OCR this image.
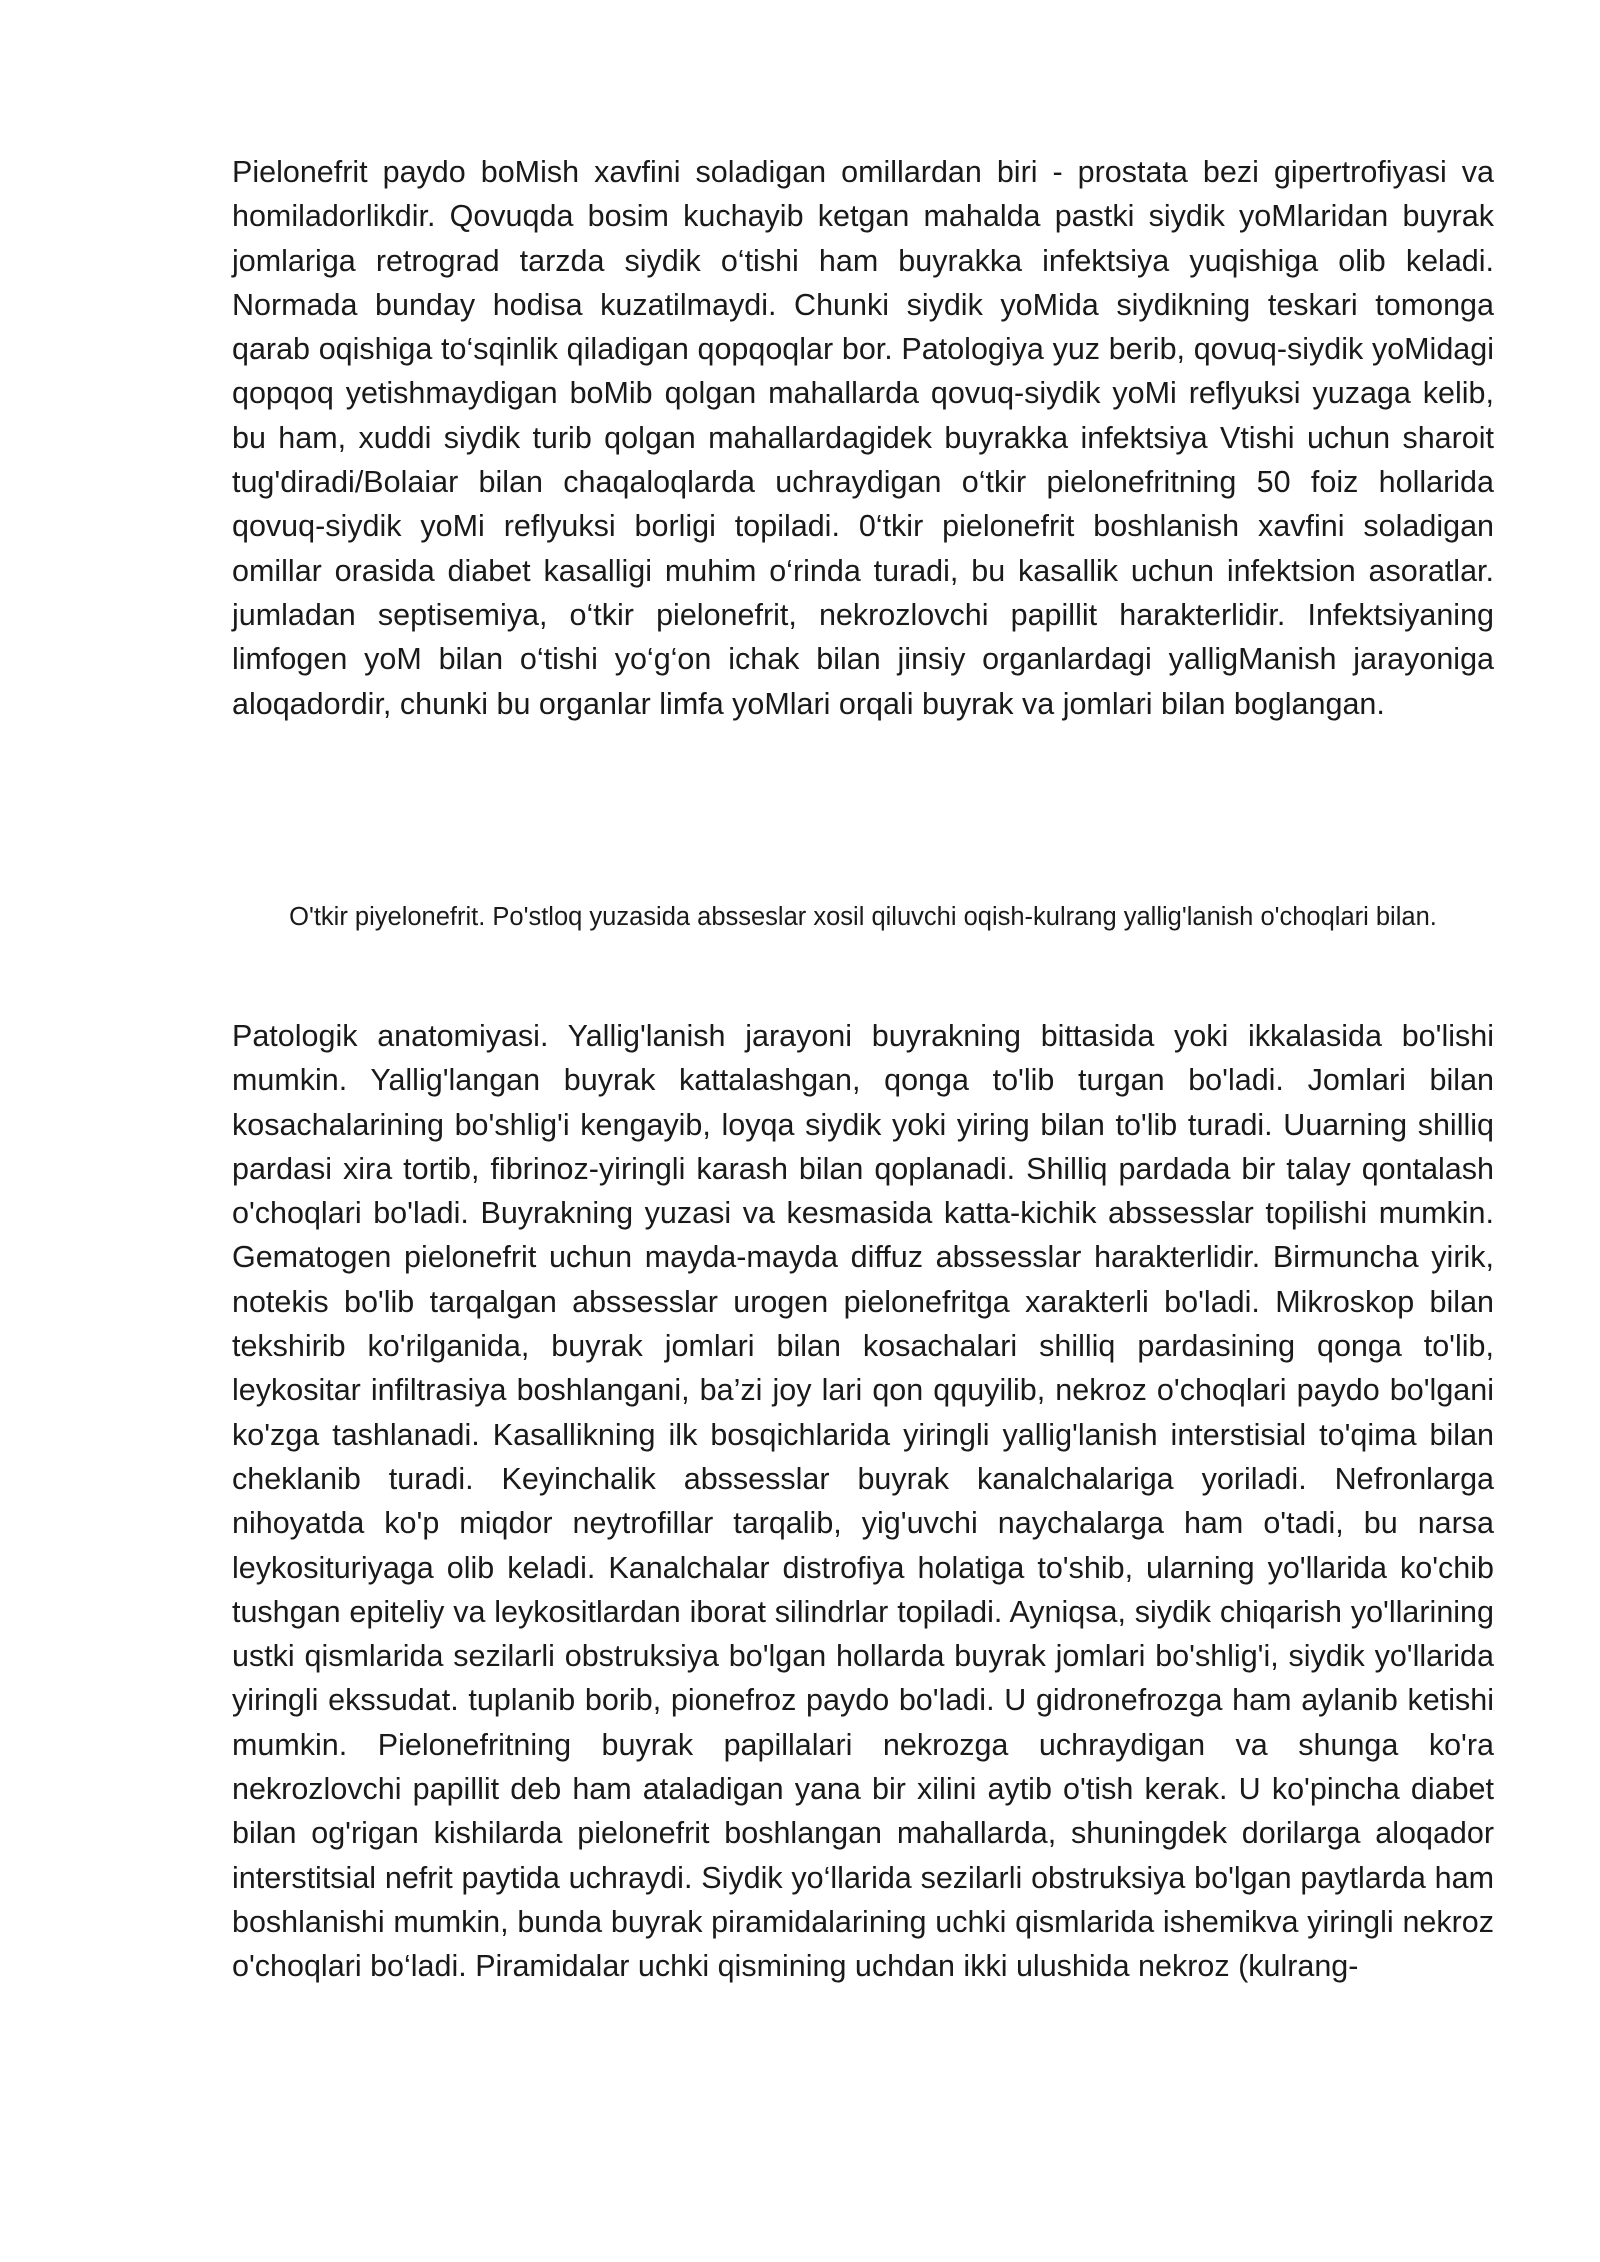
Pielonefrit paydo boMish xavfini soladigan omillardan biri - prostata bezi gipertrofiyasi va homiladorlikdir. Qovuqda bosim kuchayib ketgan mahalda pastki siydik yoMlaridan buyrak jomlariga retrograd tarzda siydik o‘tishi ham buyrakka infektsiya yuqishiga olib keladi. Normada bunday hodisa kuzatilmaydi. Chunki siydik yoMida siydikning teskari tomonga qarab oqishiga to‘sqinlik qiladigan qopqoqlar bor. Patologiya yuz berib, qovuq-siydik yoMidagi qopqoq yetishmaydigan boMib qolgan mahallarda qovuq-siydik yoMi reflyuksi yuzaga kelib, bu ham, xuddi siydik turib qolgan mahallardagidek buyrakka infektsiya Vtishi uchun sharoit tug'diradi/Bolaiar bilan chaqaloqlarda uchraydigan o‘tkir pielonefritning 50 foiz hollarida qovuq-siydik yoMi reflyuksi borligi topiladi. 0‘tkir pielonefrit boshlanish xavfini soladigan omillar orasida diabet kasalligi muhim o‘rinda turadi, bu kasallik uchun infektsion asoratlar. jumladan septisemiya, o‘tkir pielonefrit, nekrozlovchi papillit harakterlidir. Infektsiyaning limfogen yoM bilan o‘tishi yo‘g‘on ichak bilan jinsiy organlardagi yalligManish jarayoniga aloqadordir, chunki bu organlar limfa yoMlari orqali buyrak va jomlari bilan boglangan.

O'tkir piyelonefrit. Po'stloq yuzasida absseslar xosil qiluvchi oqish-kulrang yallig'lanish o'choqlari bilan.

Patologik anatomiyasi. Yallig'lanish jarayoni buyrakning bittasida yoki ikkalasida bo'lishi mumkin. Yallig'langan buyrak kattalashgan, qonga to'lib turgan bo'ladi. Jomlari bilan kosachalarining bo'shlig'i kengayib, loyqa siydik yoki yiring bilan to'lib turadi. Uuarning shilliq pardasi xira tortib, fibrinoz-yiringli karash bilan qoplanadi. Shilliq pardada bir talay qontalash o'choqlari bo'ladi. Buyrakning yuzasi va kesmasida katta-kichik abssesslar topilishi mumkin. Gematogen pielonefrit uchun mayda-mayda diffuz abssesslar harakterlidir. Birmuncha yirik, notekis bo'lib tarqalgan abssesslar urogen pielonefritga xarakterli bo'ladi. Mikroskop bilan tekshirib ko'rilganida, buyrak jomlari bilan kosachalari shilliq pardasining qonga to'lib, leykositar infiltrasiya boshlangani, ba’zi joy lari qon qquyilib, nekroz o'choqlari paydo bo'lgani ko'zga tashlanadi. Kasallikning ilk bosqichlarida yiringli yallig'lanish interstisial to'qima bilan cheklanib turadi. Keyinchalik abssesslar buyrak kanalchalariga yoriladi. Nefronlarga nihoyatda ko'p miqdor neytrofillar tarqalib, yig'uvchi naychalarga ham o'tadi, bu narsa leykosituriyaga olib keladi. Kanalchalar distrofiya holatiga to'shib, ularning yo'llarida ko'chib tushgan epiteliy va leykositlardan iborat silindrlar topiladi. Ayniqsa, siydik chiqarish yo'llarining ustki qismlarida sezilarli obstruksiya bo'lgan hollarda buyrak jomlari bo'shlig'i, siydik yo'llarida yiringli ekssudat. tuplanib borib, pionefroz paydo bo'ladi. U gidronefrozga ham aylanib ketishi mumkin. Pielonefritning buyrak papillalari nekrozga uchraydigan va shunga ko'ra nekrozlovchi papillit deb ham ataladigan yana bir xilini aytib o'tish kerak. U ko'pincha diabet bilan og'rigan kishilarda pielonefrit boshlangan mahallarda, shuningdek dorilarga aloqador interstitsial nefrit paytida uchraydi. Siydik yo‘llarida sezilarli obstruksiya bo'lgan paytlarda ham boshlanishi mumkin, bunda buyrak piramidalarining uchki qismlarida ishemikva yiringli nekroz o'choqlari bo‘ladi. Piramidalar uchki qismining uchdan ikki ulushida nekroz (kulrang-
